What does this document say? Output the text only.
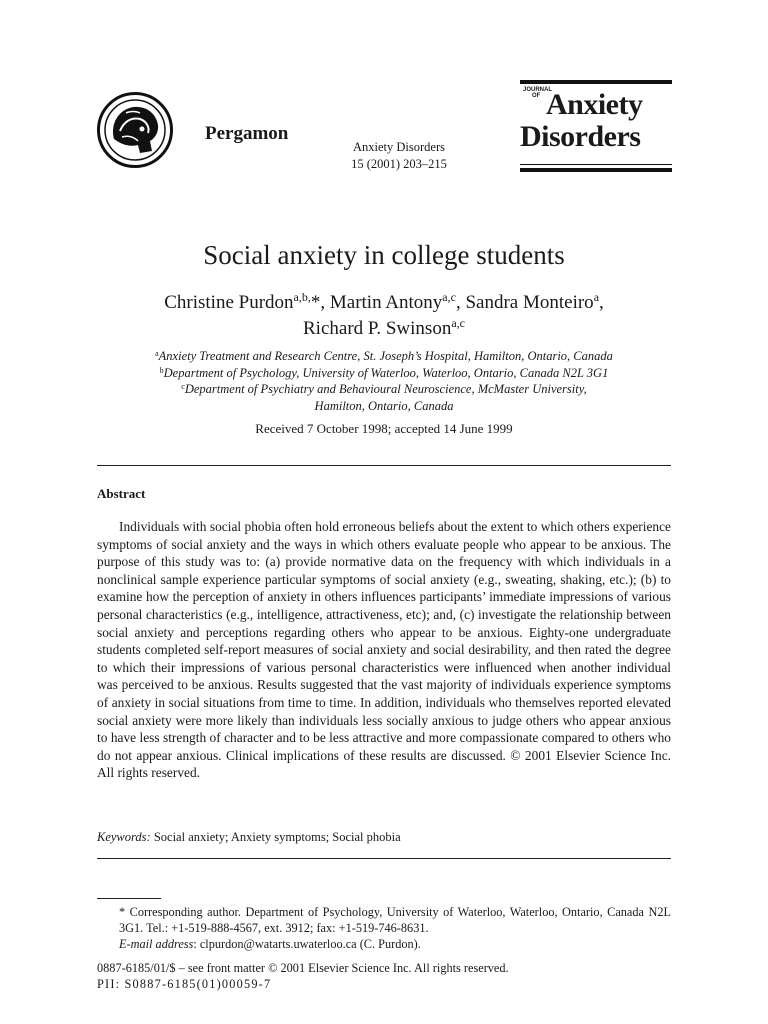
Pergamon
Anxiety Disorders
15 (2001) 203–215
JOURNAL
OF Anxiety
Disorders
Social anxiety in college students
Christine Purdon$^{a,b,}$*, Martin Antony$^{a,c}$, Sandra Monteiro$^a$,
Richard P. Swinson$^{a,c}$
$^a$Anxiety Treatment and Research Centre, St. Joseph’s Hospital, Hamilton, Ontario, Canada
$^b$Department of Psychology, University of Waterloo, Waterloo, Ontario, Canada N2L 3G1
$^c$Department of Psychiatry and Behavioural Neuroscience, McMaster University,
Hamilton, Ontario, Canada
Received 7 October 1998; accepted 14 June 1999
Abstract
Individuals with social phobia often hold erroneous beliefs about the extent to which others experience symptoms of social anxiety and the ways in which others evaluate people who appear to be anxious. The purpose of this study was to: (a) provide normative data on the frequency with which individuals in a nonclinical sample experience particular symptoms of social anxiety (e.g., sweating, shaking, etc.); (b) to examine how the perception of anxiety in others influences participants’ immediate impressions of various personal characteristics (e.g., intelligence, attractiveness, etc); and, (c) investigate the relationship between social anxiety and perceptions regarding others who appear to be anxious. Eighty-one undergraduate students completed self-report measures of social anxiety and social desirability, and then rated the degree to which their impressions of various personal characteristics were influenced when another individual was perceived to be anxious. Results suggested that the vast majority of individuals experience symptoms of anxiety in social situations from time to time. In addition, individuals who themselves reported elevated social anxiety were more likely than individuals less socially anxious to judge others who appear anxious to have less strength of character and to be less attractive and more compassionate compared to others who do not appear anxious. Clinical implications of these results are discussed. © 2001 Elsevier Science Inc. All rights reserved.
Keywords: Social anxiety; Anxiety symptoms; Social phobia
* Corresponding author. Department of Psychology, University of Waterloo, Waterloo, Ontario, Canada N2L 3G1. Tel.: +1-519-888-4567, ext. 3912; fax: +1-519-746-8631.
E-mail address: clpurdon@watarts.uwaterloo.ca (C. Purdon).
0887-6185/01/$ – see front matter © 2001 Elsevier Science Inc. All rights reserved.
PII: S0887-6185(01)00059-7
